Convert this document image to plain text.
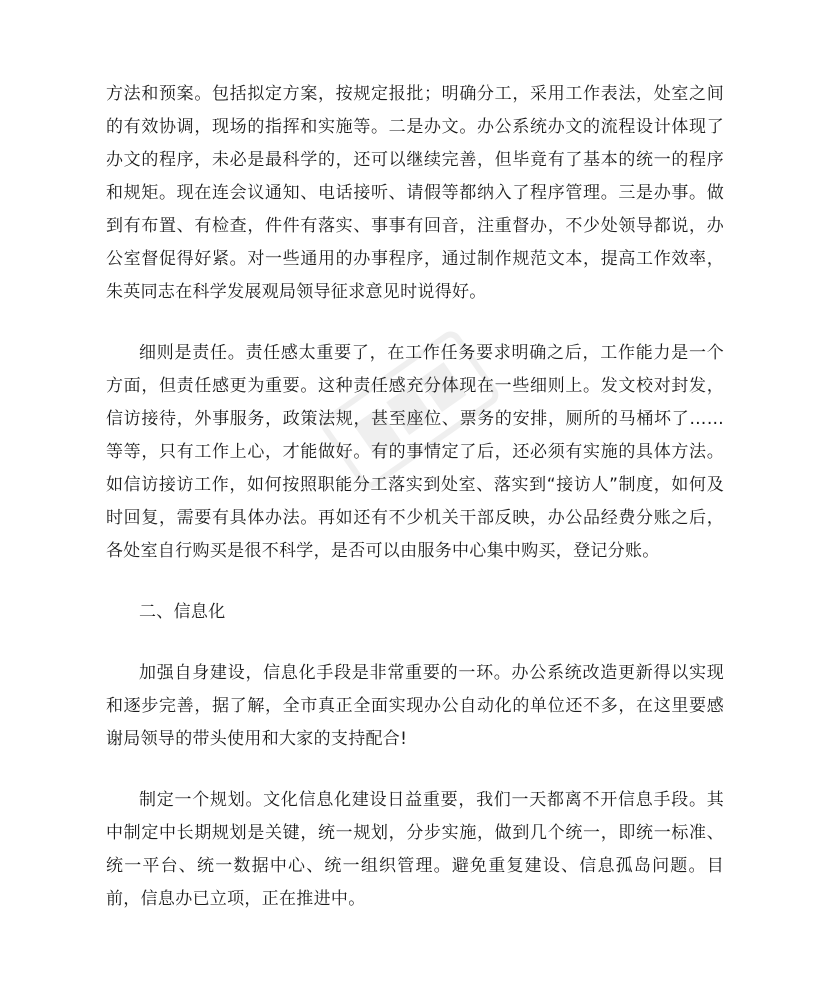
方法和预案。包括拟定方案，按规定报批；明确分工，采用工作表法，处室之间的有效协调，现场的指挥和实施等。二是办文。办公系统办文的流程设计体现了办文的程序，未必是最科学的，还可以继续完善，但毕竟有了基本的统一的程序和规矩。现在连会议通知、电话接听、请假等都纳入了程序管理。三是办事。做到有布置、有检查，件件有落实、事事有回音，注重督办，不少处领导都说，办公室督促得好紧。对一些通用的办事程序，通过制作规范文本，提高工作效率，朱英同志在科学发展观局领导征求意见时说得好。

细则是责任。责任感太重要了，在工作任务要求明确之后，工作能力是一个方面，但责任感更为重要。这种责任感充分体现在一些细则上。发文校对封发，信访接待，外事服务，政策法规，甚至座位、票务的安排，厕所的马桶坏了……等等，只有工作上心，才能做好。有的事情定了后，还必须有实施的具体方法。如信访接访工作，如何按照职能分工落实到处室、落实到“接访人”制度，如何及时回复，需要有具体办法。再如还有不少机关干部反映，办公品经费分账之后，各处室自行购买是很不科学，是否可以由服务中心集中购买，登记分账。

二、信息化

加强自身建设，信息化手段是非常重要的一环。办公系统改造更新得以实现和逐步完善，据了解，全市真正全面实现办公自动化的单位还不多，在这里要感谢局领导的带头使用和大家的支持配合!

制定一个规划。文化信息化建设日益重要，我们一天都离不开信息手段。其中制定中长期规划是关键，统一规划，分步实施，做到几个统一，即统一标准、统一平台、统一数据中心、统一组织管理。避免重复建设、信息孤岛问题。目前，信息办已立项，正在推进中。
